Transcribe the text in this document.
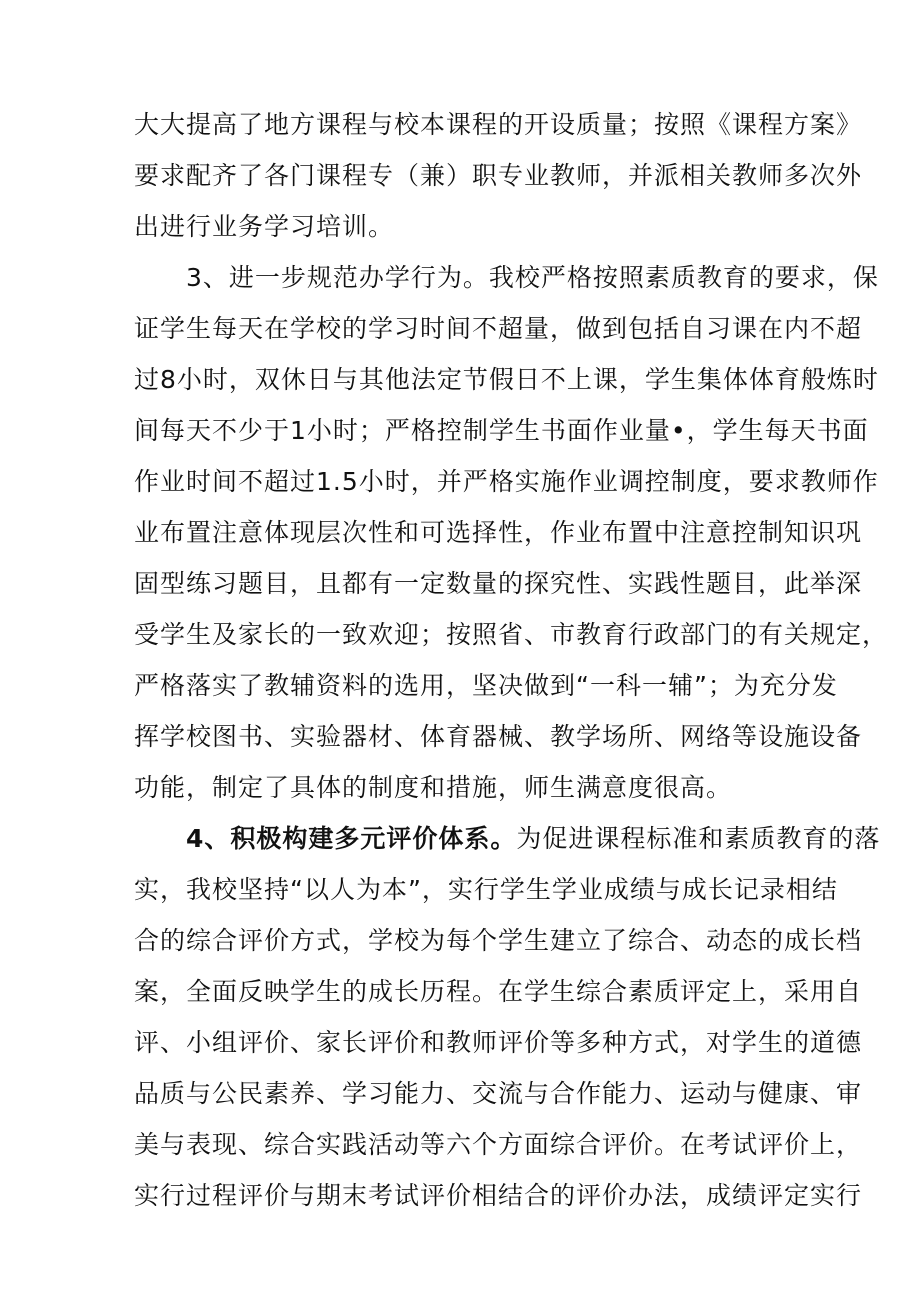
大大提高了地方课程与校本课程的开设质量；按照《课程方案》
要求配齐了各门课程专（兼）职专业教师，并派相关教师多次外
出进行业务学习培训。
3、进一步规范办学行为。我校严格按照素质教育的要求，保
证学生每天在学校的学习时间不超量，做到包括自习课在内不超
过8小时，双休日与其他法定节假日不上课，学生集体体育般炼时
间每天不少于1小时；严格控制学生书面作业量•，学生每天书面
作业时间不超过1.5小时，并严格实施作业调控制度，要求教师作
业布置注意体现层次性和可选择性，作业布置中注意控制知识巩
固型练习题目，且都有一定数量的探究性、实践性题目，此举深
受学生及家长的一致欢迎；按照省、市教育行政部门的有关规定，
严格落实了教辅资料的选用，坚决做到“一科一辅”；为充分发
挥学校图书、实验器材、体育器械、教学场所、网络等设施设备
功能，制定了具体的制度和措施，师生满意度很高。
4、积极构建多元评价体系。为促进课程标准和素质教育的落
实，我校坚持“以人为本”，实行学生学业成绩与成长记录相结
合的综合评价方式，学校为每个学生建立了综合、动态的成长档
案，全面反映学生的成长历程。在学生综合素质评定上，采用自
评、小组评价、家长评价和教师评价等多种方式，对学生的道德
品质与公民素养、学习能力、交流与合作能力、运动与健康、审
美与表现、综合实践活动等六个方面综合评价。在考试评价上，
实行过程评价与期末考试评价相结合的评价办法，成绩评定实行
